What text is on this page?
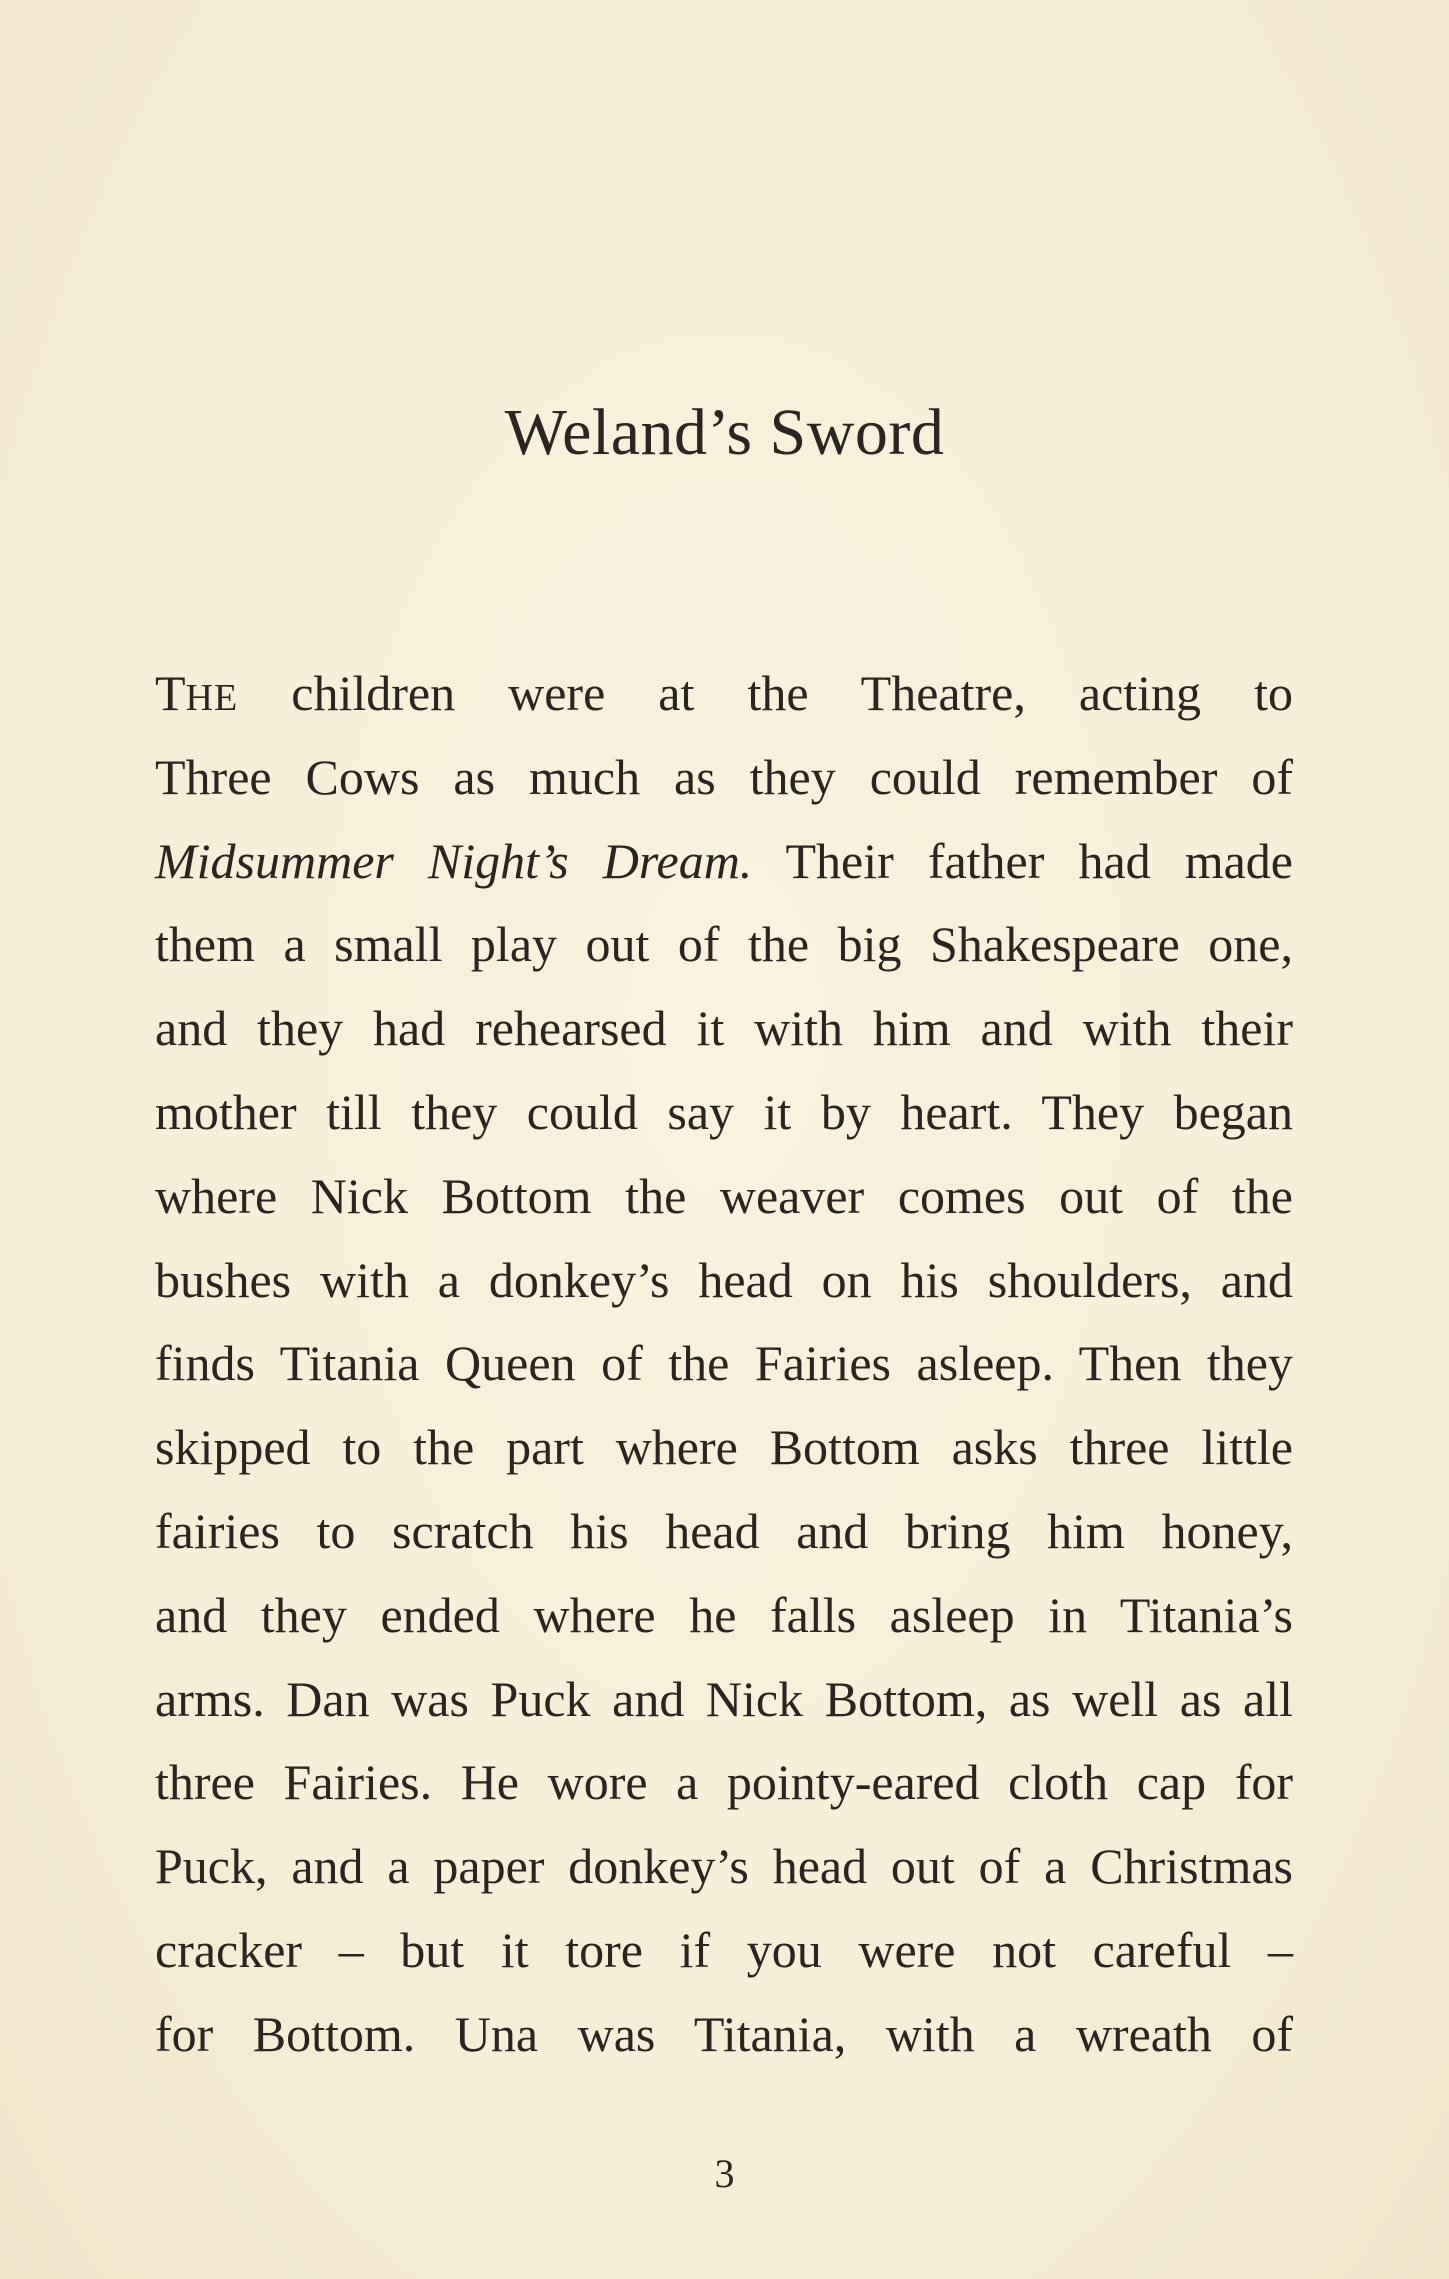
Weland’s Sword
THE children were at the Theatre, acting to
Three Cows as much as they could remember of
Midsummer Night’s Dream. Their father had made
them a small play out of the big Shakespeare one,
and they had rehearsed it with him and with their
mother till they could say it by heart. They began
where Nick Bottom the weaver comes out of the
bushes with a donkey’s head on his shoulders, and
finds Titania Queen of the Fairies asleep. Then they
skipped to the part where Bottom asks three little
fairies to scratch his head and bring him honey,
and they ended where he falls asleep in Titania’s
arms. Dan was Puck and Nick Bottom, as well as all
three Fairies. He wore a pointy-eared cloth cap for
Puck, and a paper donkey’s head out of a Christmas
cracker – but it tore if you were not careful –
for Bottom. Una was Titania, with a wreath of
3
